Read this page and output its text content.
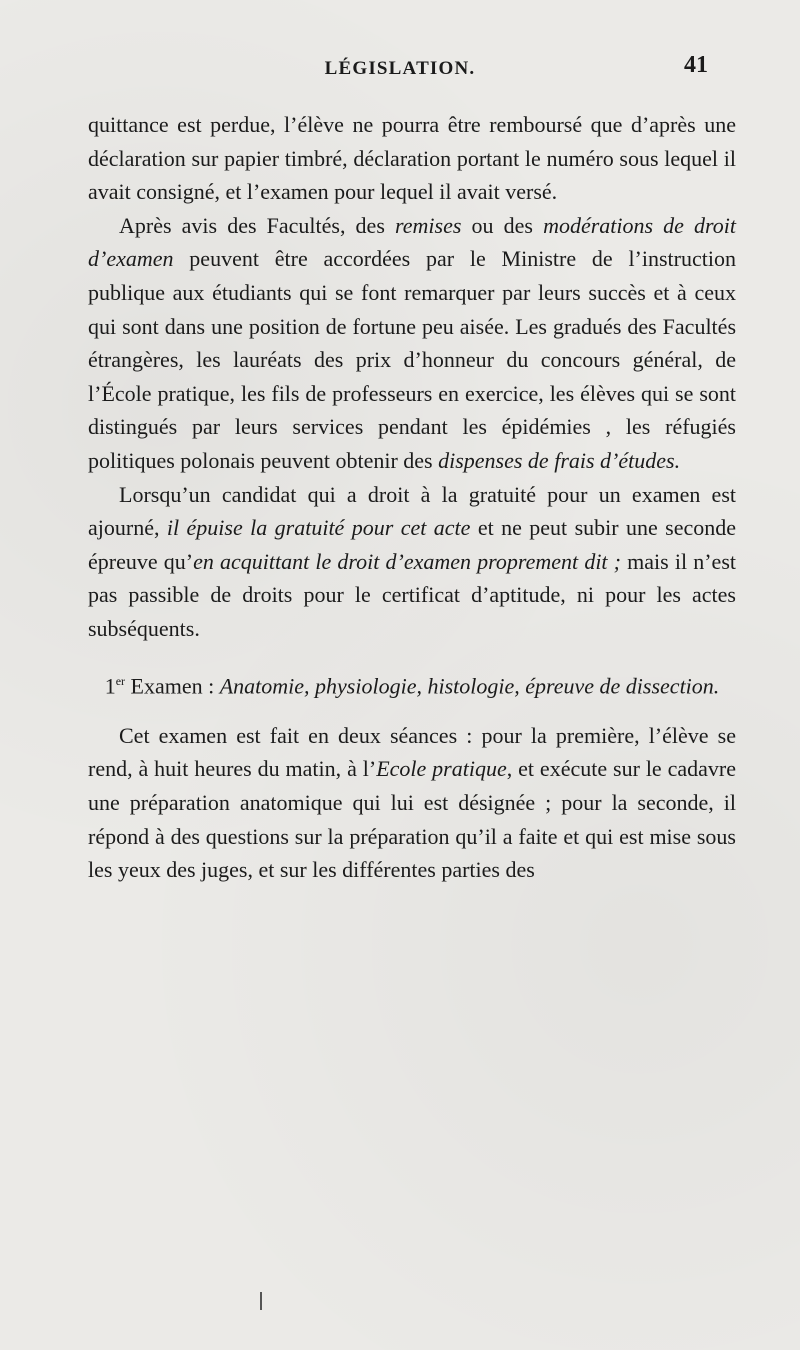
LÉGISLATION.	41

quittance est perdue, l’élève ne pourra être remboursé que d’après une déclaration sur papier timbré, déclaration portant le numéro sous lequel il avait consigné, et l’examen pour lequel il avait versé.

Après avis des Facultés, des remises ou des modérations de droit d’examen peuvent être accordées par le Ministre de l’instruction publique aux étudiants qui se font remarquer par leurs succès et à ceux qui sont dans une position de fortune peu aisée. Les gradués des Facultés étrangères, les lauréats des prix d’honneur du concours général, de l’École pratique, les fils de professeurs en exercice, les élèves qui se sont distingués par leurs services pendant les épidémies , les réfugiés politiques polonais peuvent obtenir des dispenses de frais d’études.

Lorsqu’un candidat qui a droit à la gratuité pour un examen est ajourné, il épuise la gratuité pour cet acte et ne peut subir une seconde épreuve qu’en acquittant le droit d’examen proprement dit ; mais il n’est pas passible de droits pour le certificat d’aptitude, ni pour les actes subséquents.

1er Examen : Anatomie, physiologie, histologie, épreuve de dissection.

Cet examen est fait en deux séances : pour la première, l’élève se rend, à huit heures du matin, à l’Ecole pratique, et exécute sur le cadavre une préparation anatomique qui lui est désignée ; pour la seconde, il répond à des questions sur la préparation qu’il a faite et qui est mise sous les yeux des juges, et sur les différentes parties des
